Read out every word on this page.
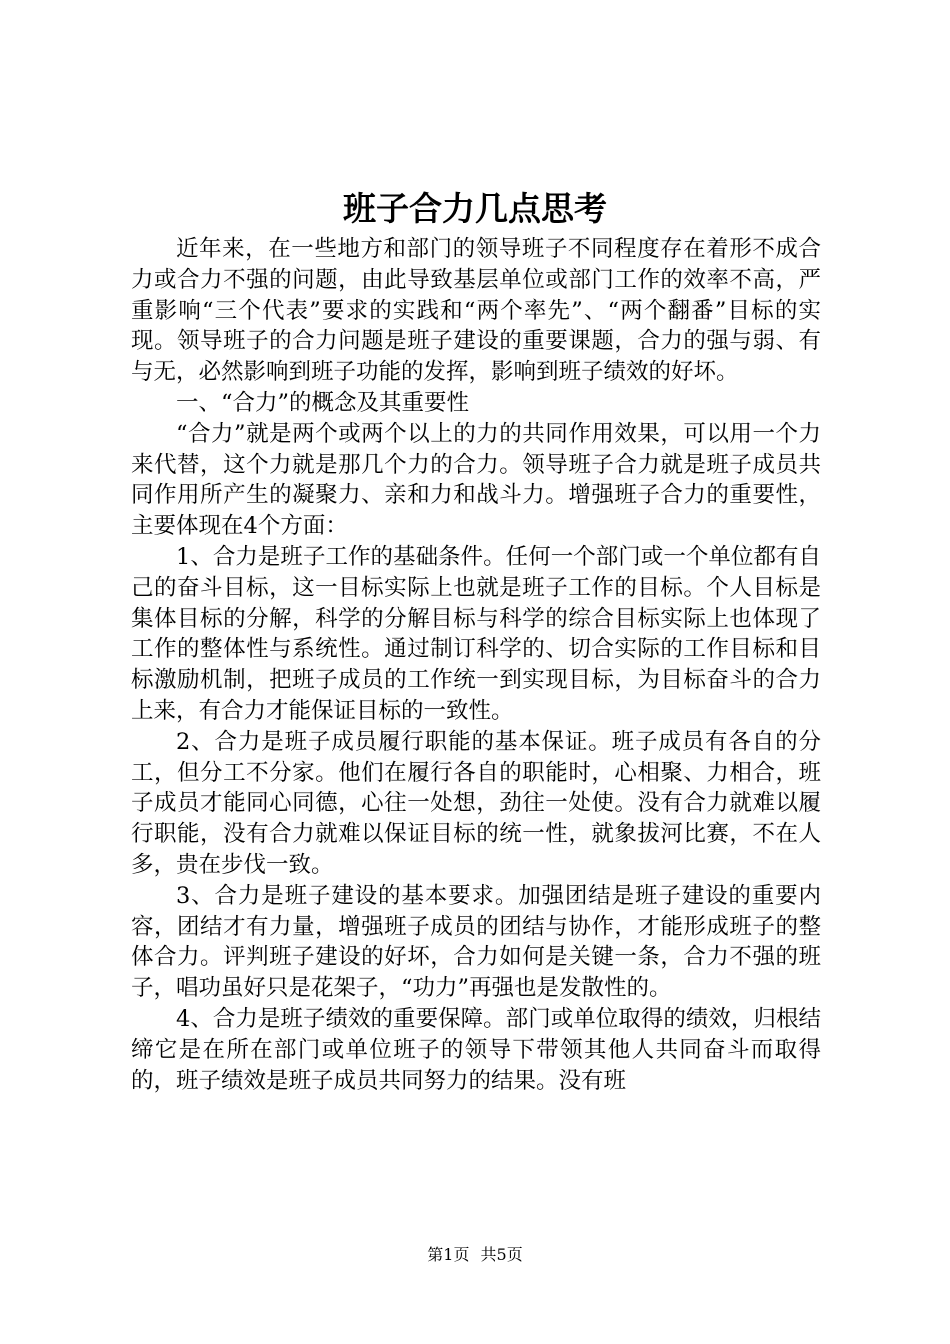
班子合力几点思考

近年来，在一些地方和部门的领导班子不同程度存在着形不成合力或合力不强的问题，由此导致基层单位或部门工作的效率不高，严重影响“三个代表”要求的实践和“两个率先”、“两个翻番”目标的实现。领导班子的合力问题是班子建设的重要课题，合力的强与弱、有与无，必然影响到班子功能的发挥，影响到班子绩效的好坏。

一、“合力”的概念及其重要性

“合力”就是两个或两个以上的力的共同作用效果，可以用一个力来代替，这个力就是那几个力的合力。领导班子合力就是班子成员共同作用所产生的凝聚力、亲和力和战斗力。增强班子合力的重要性，主要体现在4个方面：

1、合力是班子工作的基础条件。任何一个部门或一个单位都有自己的奋斗目标，这一目标实际上也就是班子工作的目标。个人目标是集体目标的分解，科学的分解目标与科学的综合目标实际上也体现了工作的整体性与系统性。通过制订科学的、切合实际的工作目标和目标激励机制，把班子成员的工作统一到实现目标，为目标奋斗的合力上来，有合力才能保证目标的一致性。

2、合力是班子成员履行职能的基本保证。班子成员有各自的分工，但分工不分家。他们在履行各自的职能时，心相聚、力相合，班子成员才能同心同德，心往一处想，劲往一处使。没有合力就难以履行职能，没有合力就难以保证目标的统一性，就象拔河比赛，不在人多，贵在步伐一致。

3、合力是班子建设的基本要求。加强团结是班子建设的重要内容，团结才有力量，增强班子成员的团结与协作，才能形成班子的整体合力。评判班子建设的好坏，合力如何是关键一条，合力不强的班子，唱功虽好只是花架子，“功力”再强也是发散性的。

4、合力是班子绩效的重要保障。部门或单位取得的绩效，归根结缔它是在所在部门或单位班子的领导下带领其他人共同奋斗而取得的，班子绩效是班子成员共同努力的结果。没有班

第1页 共5页
